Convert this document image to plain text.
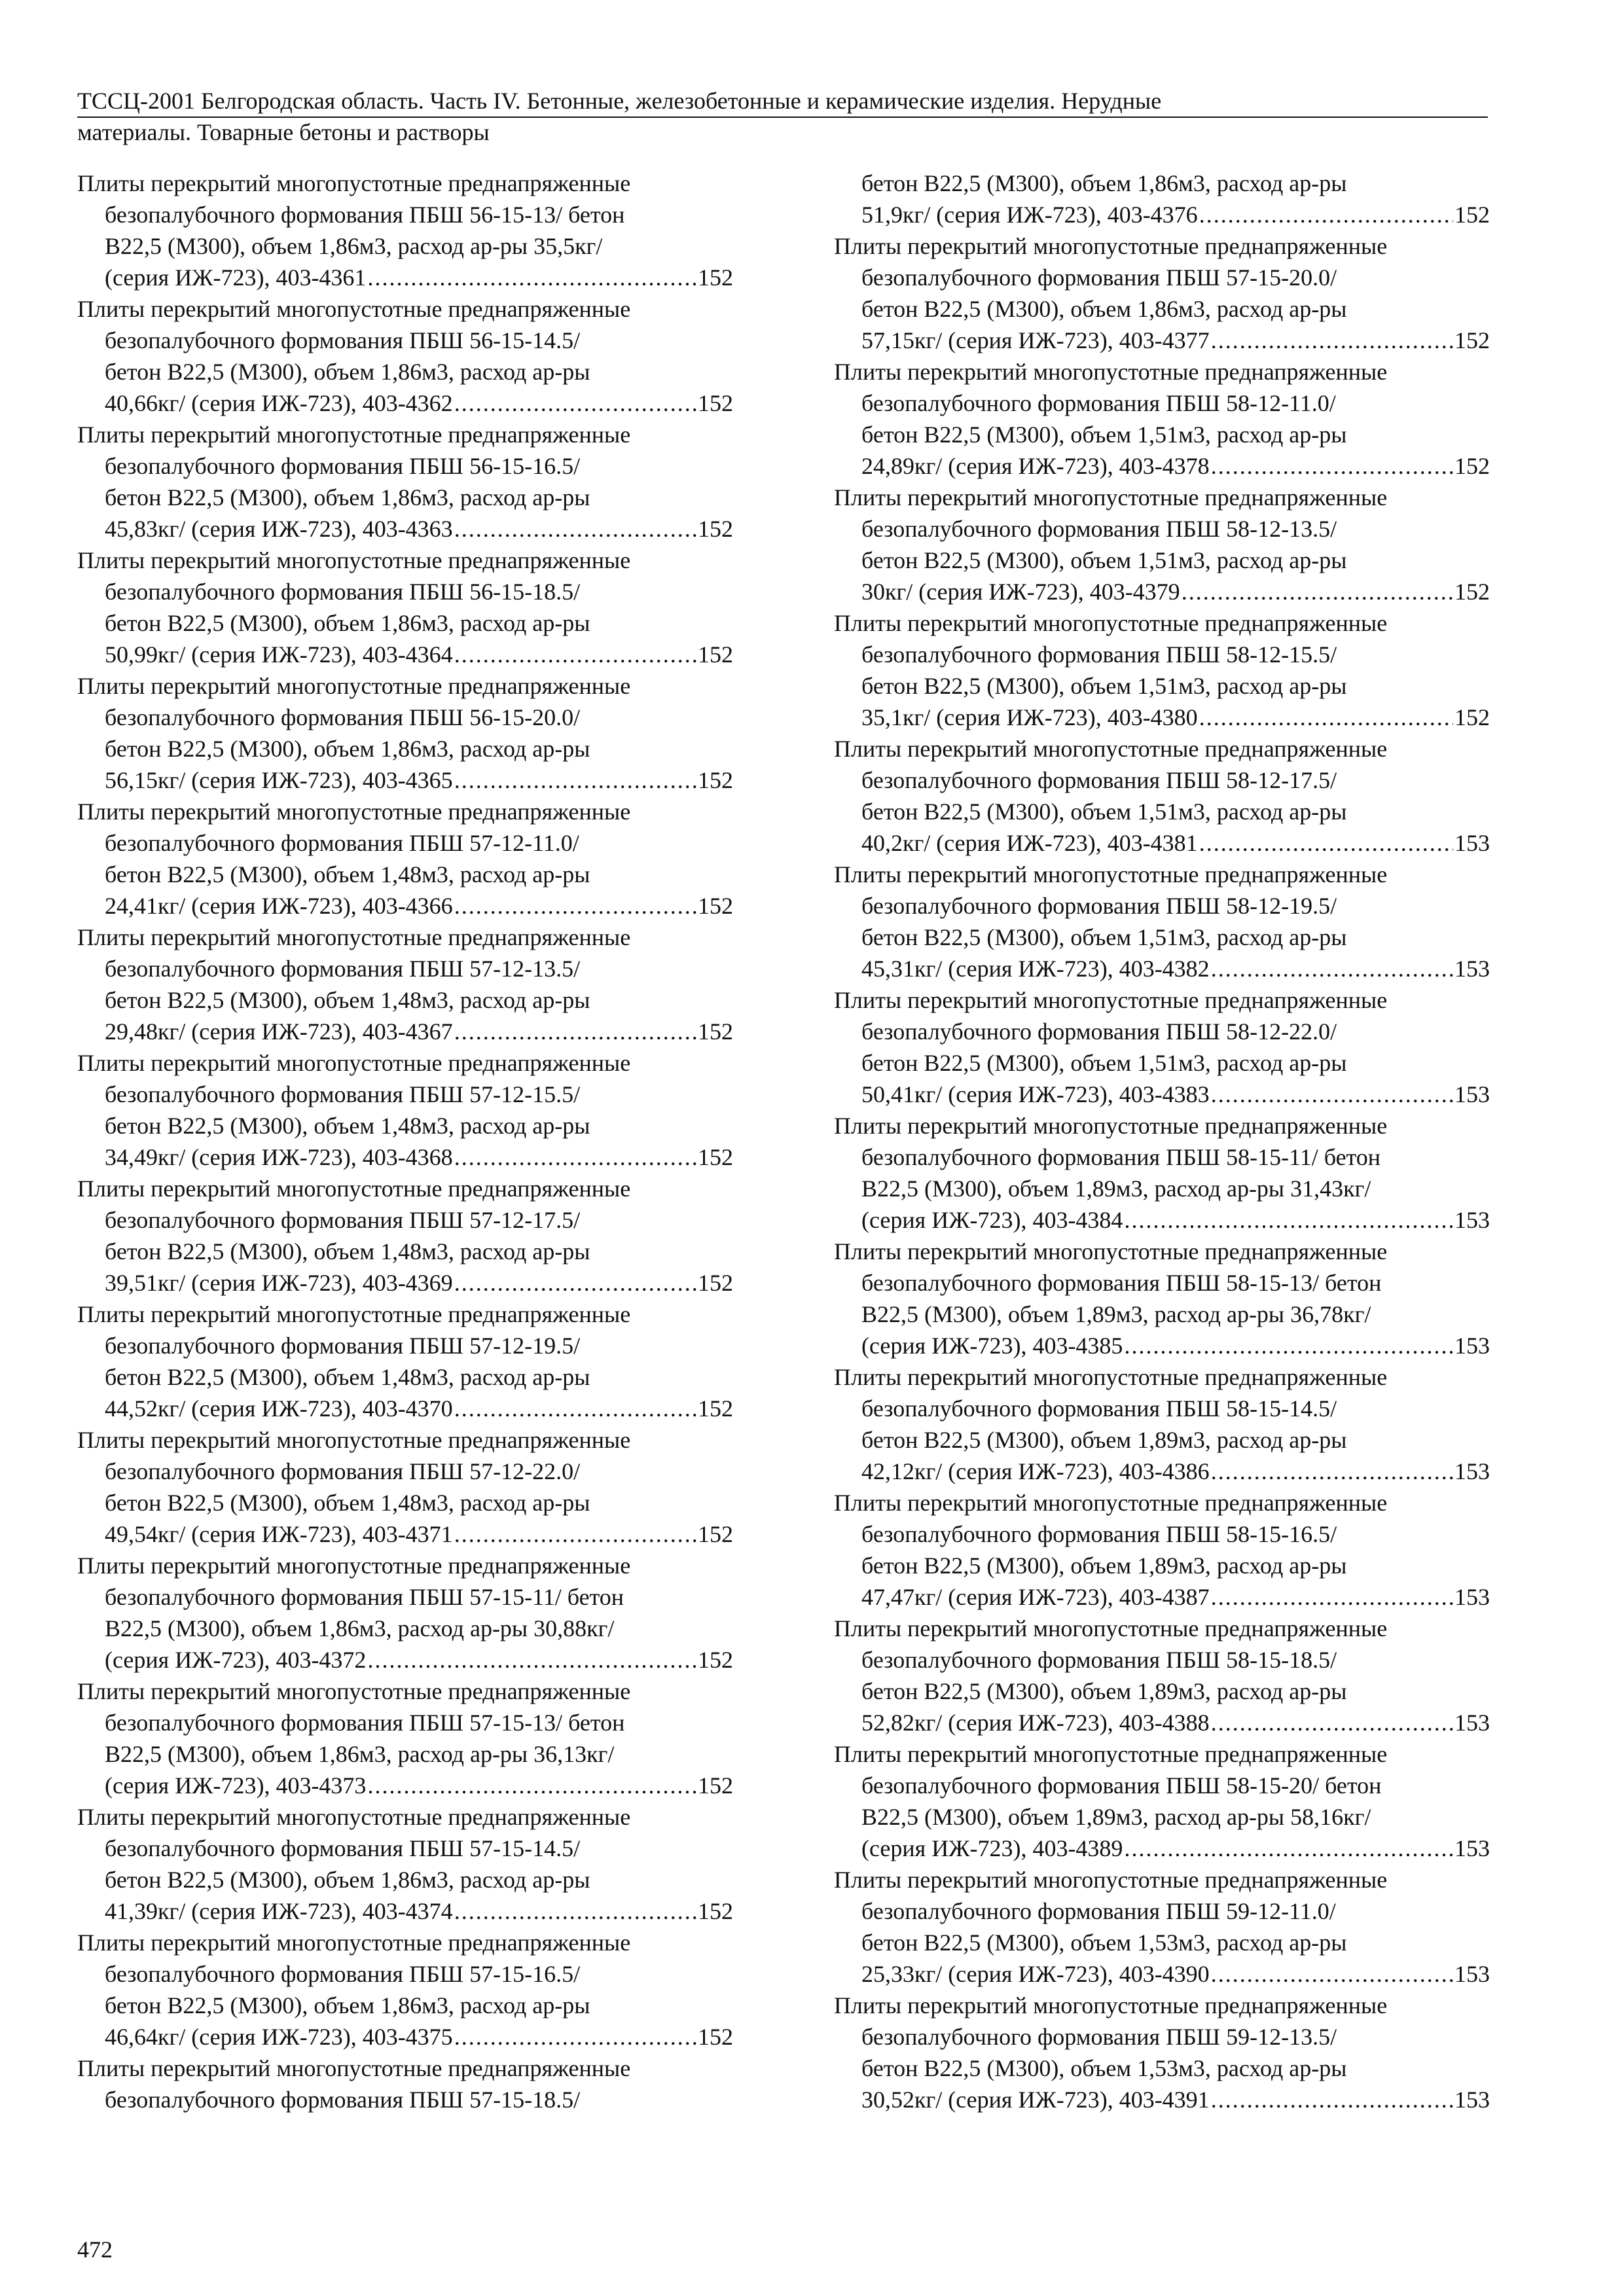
ТССЦ-2001 Белгородская область. Часть IV. Бетонные, железобетонные и керамические изделия. Нерудные
материалы. Товарные бетоны и растворы
Плиты перекрытий многопустотные преднапряженные
безопалубочного формования ПБШ 56-15-13/ бетон
В22,5 (М300), объем 1,86м3, расход ар-ры 35,5кг/
(серия ИЖ-723), 403-4361 .....	152
Плиты перекрытий многопустотные преднапряженные
безопалубочного формования ПБШ 56-15-14.5/
бетон В22,5 (М300), объем 1,86м3, расход ар-ры
40,66кг/ (серия ИЖ-723), 403-4362 .....	152
Плиты перекрытий многопустотные преднапряженные
безопалубочного формования ПБШ 56-15-16.5/
бетон В22,5 (М300), объем 1,86м3, расход ар-ры
45,83кг/ (серия ИЖ-723), 403-4363 .....	152
Плиты перекрытий многопустотные преднапряженные
безопалубочного формования ПБШ 56-15-18.5/
бетон В22,5 (М300), объем 1,86м3, расход ар-ры
50,99кг/ (серия ИЖ-723), 403-4364 .....	152
Плиты перекрытий многопустотные преднапряженные
безопалубочного формования ПБШ 56-15-20.0/
бетон В22,5 (М300), объем 1,86м3, расход ар-ры
56,15кг/ (серия ИЖ-723), 403-4365 .....	152
Плиты перекрытий многопустотные преднапряженные
безопалубочного формования ПБШ 57-12-11.0/
бетон В22,5 (М300), объем 1,48м3, расход ар-ры
24,41кг/ (серия ИЖ-723), 403-4366 .....	152
Плиты перекрытий многопустотные преднапряженные
безопалубочного формования ПБШ 57-12-13.5/
бетон В22,5 (М300), объем 1,48м3, расход ар-ры
29,48кг/ (серия ИЖ-723), 403-4367 .....	152
Плиты перекрытий многопустотные преднапряженные
безопалубочного формования ПБШ 57-12-15.5/
бетон В22,5 (М300), объем 1,48м3, расход ар-ры
34,49кг/ (серия ИЖ-723), 403-4368 .....	152
Плиты перекрытий многопустотные преднапряженные
безопалубочного формования ПБШ 57-12-17.5/
бетон В22,5 (М300), объем 1,48м3, расход ар-ры
39,51кг/ (серия ИЖ-723), 403-4369 .....	152
Плиты перекрытий многопустотные преднапряженные
безопалубочного формования ПБШ 57-12-19.5/
бетон В22,5 (М300), объем 1,48м3, расход ар-ры
44,52кг/ (серия ИЖ-723), 403-4370 .....	152
Плиты перекрытий многопустотные преднапряженные
безопалубочного формования ПБШ 57-12-22.0/
бетон В22,5 (М300), объем 1,48м3, расход ар-ры
49,54кг/ (серия ИЖ-723), 403-4371 .....	152
Плиты перекрытий многопустотные преднапряженные
безопалубочного формования ПБШ 57-15-11/ бетон
В22,5 (М300), объем 1,86м3, расход ар-ры 30,88кг/
(серия ИЖ-723), 403-4372 .....	152
Плиты перекрытий многопустотные преднапряженные
безопалубочного формования ПБШ 57-15-13/ бетон
В22,5 (М300), объем 1,86м3, расход ар-ры 36,13кг/
(серия ИЖ-723), 403-4373 .....	152
Плиты перекрытий многопустотные преднапряженные
безопалубочного формования ПБШ 57-15-14.5/
бетон В22,5 (М300), объем 1,86м3, расход ар-ры
41,39кг/ (серия ИЖ-723), 403-4374 .....	152
Плиты перекрытий многопустотные преднапряженные
безопалубочного формования ПБШ 57-15-16.5/
бетон В22,5 (М300), объем 1,86м3, расход ар-ры
46,64кг/ (серия ИЖ-723), 403-4375 .....	152
Плиты перекрытий многопустотные преднапряженные
безопалубочного формования ПБШ 57-15-18.5/
бетон В22,5 (М300), объем 1,86м3, расход ар-ры
51,9кг/ (серия ИЖ-723), 403-4376 .....	152
Плиты перекрытий многопустотные преднапряженные
безопалубочного формования ПБШ 57-15-20.0/
бетон В22,5 (М300), объем 1,86м3, расход ар-ры
57,15кг/ (серия ИЖ-723), 403-4377 .....	152
Плиты перекрытий многопустотные преднапряженные
безопалубочного формования ПБШ 58-12-11.0/
бетон В22,5 (М300), объем 1,51м3, расход ар-ры
24,89кг/ (серия ИЖ-723), 403-4378 .....	152
Плиты перекрытий многопустотные преднапряженные
безопалубочного формования ПБШ 58-12-13.5/
бетон В22,5 (М300), объем 1,51м3, расход ар-ры
30кг/ (серия ИЖ-723), 403-4379 .....	152
Плиты перекрытий многопустотные преднапряженные
безопалубочного формования ПБШ 58-12-15.5/
бетон В22,5 (М300), объем 1,51м3, расход ар-ры
35,1кг/ (серия ИЖ-723), 403-4380 .....	152
Плиты перекрытий многопустотные преднапряженные
безопалубочного формования ПБШ 58-12-17.5/
бетон В22,5 (М300), объем 1,51м3, расход ар-ры
40,2кг/ (серия ИЖ-723), 403-4381 .....	153
Плиты перекрытий многопустотные преднапряженные
безопалубочного формования ПБШ 58-12-19.5/
бетон В22,5 (М300), объем 1,51м3, расход ар-ры
45,31кг/ (серия ИЖ-723), 403-4382 .....	153
Плиты перекрытий многопустотные преднапряженные
безопалубочного формования ПБШ 58-12-22.0/
бетон В22,5 (М300), объем 1,51м3, расход ар-ры
50,41кг/ (серия ИЖ-723), 403-4383 .....	153
Плиты перекрытий многопустотные преднапряженные
безопалубочного формования ПБШ 58-15-11/ бетон
В22,5 (М300), объем 1,89м3, расход ар-ры 31,43кг/
(серия ИЖ-723), 403-4384 .....	153
Плиты перекрытий многопустотные преднапряженные
безопалубочного формования ПБШ 58-15-13/ бетон
В22,5 (М300), объем 1,89м3, расход ар-ры 36,78кг/
(серия ИЖ-723), 403-4385 .....	153
Плиты перекрытий многопустотные преднапряженные
безопалубочного формования ПБШ 58-15-14.5/
бетон В22,5 (М300), объем 1,89м3, расход ар-ры
42,12кг/ (серия ИЖ-723), 403-4386 .....	153
Плиты перекрытий многопустотные преднапряженные
безопалубочного формования ПБШ 58-15-16.5/
бетон В22,5 (М300), объем 1,89м3, расход ар-ры
47,47кг/ (серия ИЖ-723), 403-4387 .....	153
Плиты перекрытий многопустотные преднапряженные
безопалубочного формования ПБШ 58-15-18.5/
бетон В22,5 (М300), объем 1,89м3, расход ар-ры
52,82кг/ (серия ИЖ-723), 403-4388 .....	153
Плиты перекрытий многопустотные преднапряженные
безопалубочного формования ПБШ 58-15-20/ бетон
В22,5 (М300), объем 1,89м3, расход ар-ры 58,16кг/
(серия ИЖ-723), 403-4389 .....	153
Плиты перекрытий многопустотные преднапряженные
безопалубочного формования ПБШ 59-12-11.0/
бетон В22,5 (М300), объем 1,53м3, расход ар-ры
25,33кг/ (серия ИЖ-723), 403-4390 .....	153
Плиты перекрытий многопустотные преднапряженные
безопалубочного формования ПБШ 59-12-13.5/
бетон В22,5 (М300), объем 1,53м3, расход ар-ры
30,52кг/ (серия ИЖ-723), 403-4391 .....	153
472
